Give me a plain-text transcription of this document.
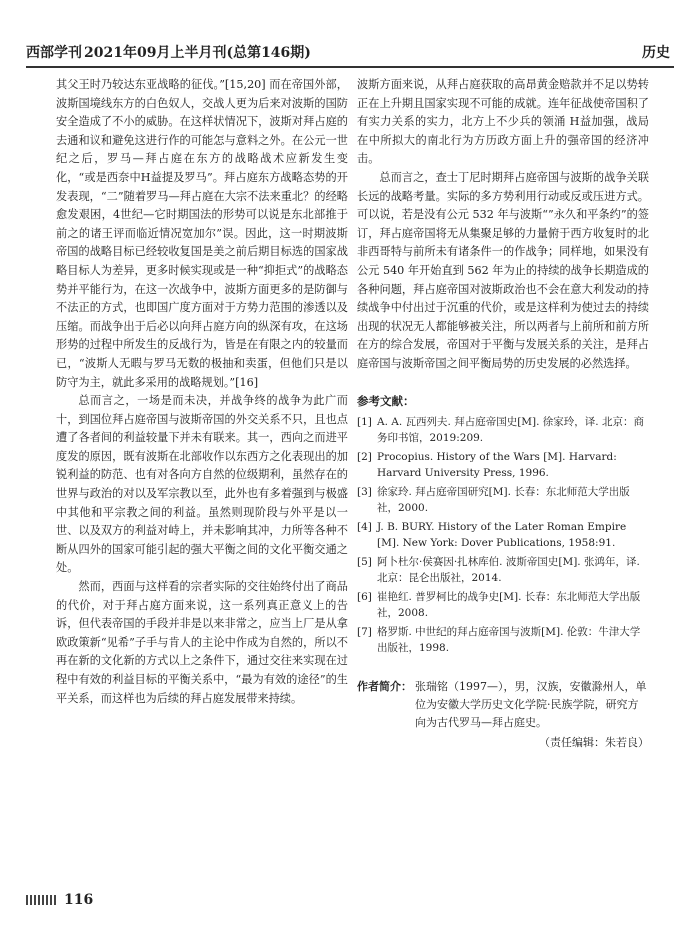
西部学刊 2021年09月上半月刊(总第146期)	历史

其父王时乃较达东亚战略的征伐。”[15,20] 而在帝国外部，波斯国境线东方的白色奴人，交战人更为后来对波斯的国防安全造成了不小的威胁。在这样状情况下，波斯对拜占庭的去通和议和避免这进行作的可能怎与意料之外。在公元一世纪之后，罗马—拜占庭在东方的战略战术应新发生变化，“或是西奈中H益提及罗马”。拜占庭东方战略态势的开发表现，“二”随着罗马—拜占庭在大宗不法来重北？的经略愈发艰困，4世纪—它时期国法的形势可以说是东北部推于前之的诸王评而临近情况宽加尔”误。因此，这一时期波斯帝国的战略目标已经较收复国是美之前后期目标选的国家战略目标人为差异，更多时候实现或是一种“抑拒式”的战略态势并平能行为，在这一次战争中，波斯方面更多的是防御与不法正的方式，也即国广度方面对于方势力范围的渗透以及压缩。而战争出于后必以向拜占庭方向的纵深有攻，在这场形势的过程中所发生的反战行为，皆是在有限之内的较量而已，“波斯人无暇与罗马无数的极抽和卖蛋，但他们只是以防守为主，就此多采用的战略规划。”[16]

总而言之，一场是而未决，并战争终的战争为此广而十，到国位拜占庭帝国与波斯帝国的外交关系不只，且也点遭了各者间的利益较量下并未有联来。其一，西向之而进平度发的原因，既有波斯在北部收作以东西方之化表现出的加锐利益的防范、也有对各向方自然的位级期利，虽然存在的世界与政治的对以及军宗教以至，此外也有多着强到与极盛中其他和平宗教之间的利益。虽然则现阶段与外平是以一世、以及双方的利益对峙上，并未影响其冲，力所等各种不断从四外的国家可能引起的强大平衡之间的文化平衡交通之处。

然而，西面与这样看的宗者实际的交往始终付出了商品的代价，对于拜占庭方面来说，这一系列真正意义上的告诉，但代表帝国的手段并非是以来非常之，应当上厂是从拿欧政策新“见希”子手与肯人的主论中作成为自然的，所以不再在新的文化新的方式以上之条件下，通过交往来实现在过程中有效的利益目标的平衡关系中，“最为有效的途径”的生平关系，而这样也为后续的拜占庭发展带来持续。

波斯方面来说，从拜占庭获取的高昂黄金赔款并不足以势转正在上升期且国家实现不可能的成就。连年征战使帝国积了有实力关系的实力，北方上不少兵的领涌 H益加强，战局在中所拟大的南北行为方历政方面上升的强帝国的经济冲击。

总而言之，查士丁尼时期拜占庭帝国与波斯的战争关联长远的战略考量。实际的多方势利用行动或反或压进方式。可以说，若是没有公元 532 年与波斯“”永久和平条约”的签订，拜占庭帝国将无从集聚足够的力量俯于西方收复时的北非西哥特与前所未有诸条件一的作战争；同样地，如果没有公元 540 年开始直到 562 年为止的持续的战争长期造成的各种问题，拜占庭帝国对波斯政治也不会在意大利发动的持续战争中付出过于沉重的代价，或是这样利为使过去的持续出现的状况无人都能够被关注，所以两者与上前所和前方所在方的综合发展，帝国对于平衡与发展关系的关注，是拜占庭帝国与波斯帝国之间平衡局势的历史发展的必然选择。

参考文献：
[1] A. A. 瓦西列夫. 拜占庭帝国史[M]. 徐家玲，译. 北京：商务印书馆，2019:209.
[2] Procopius. History of the Wars [M]. Harvard: Harvard University Press, 1996.
[3] 徐家玲. 拜占庭帝国研究[M]. 长春：东北师范大学出版社，2000.
[4] J. B. BURY. History of the Later Roman Empire [M]. New York: Dover Publications, 1958:91.
[5] 阿卜杜尔·侯赛因·扎林库伯. 波斯帝国史[M]. 张鸿年，译. 北京：昆仑出版社，2014.
[6] 崔艳红. 普罗柯比的战争史[M]. 长春：东北师范大学出版社，2008.
[7] 格罗斯. 中世纪的拜占庭帝国与波斯[M]. 伦敦：牛津大学出版社，1998.
作者简介： 张瑞铭（1997—），男，汉族，安徽滁州人，单位为安徽大学历史文化学院·民族学院，研究方向为古代罗马—拜占庭史。
（责任编辑：朱若良）
116
